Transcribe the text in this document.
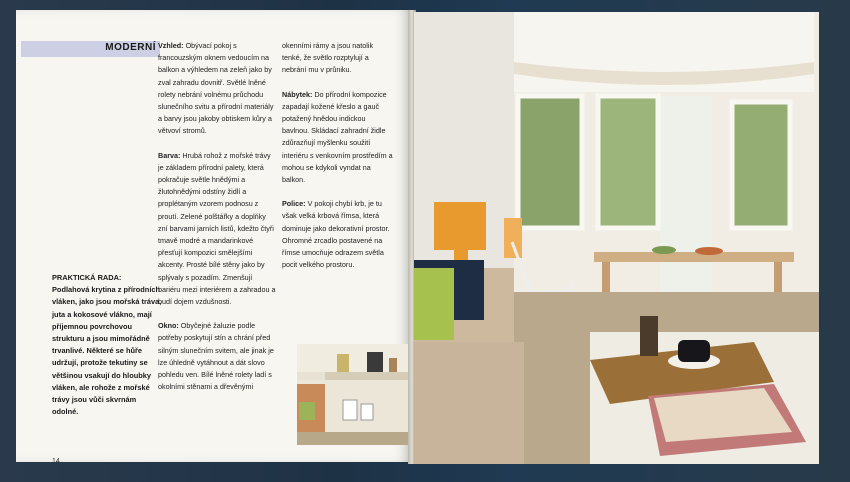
MODERNÍ
PRAKTICKÁ RADA:
Podlahová krytina z přírodních vláken, jako jsou mořská tráva, juta a kokosové vlákno, mají příjemnou povrchovou strukturu a jsou mimořádně trvanlivé. Některé se hůře udržují, protože tekutiny se většinou vsakují do hloubky vláken, ale rohože z mořské trávy jsou vůči skvrnám odolné.

Vzhled: Obývací pokoj s francouzským oknem vedoucím na balkon a výhledem na zeleň jako by zval zahradu dovnitř. Světlé lněné rolety nebrání volnému průchodu slunečního svitu a přírodní materiály a barvy jsou jakoby obtiskem kůry a větvoví stromů.

Barva: Hrubá rohož z mořské trávy je základem přírodní palety, která pokračuje světle hnědými a žlutohnědými odstíny židlí a proplétaným vzorem podnosu z proutí. Zelené polštářky a doplňky zní barvami jarních listů, kdežto čtyři tmavě modré a mandarinkové přesťují kompozici smělejšími akcenty. Prosté bílé stěny jako by splývaly s pozadím. Zmenšují bariéru mezi interiérem a zahradou a budí dojem vzdušnosti.

Okno: Obyčejné žaluzie podle potřeby poskytují stín a chrání před silným slunečním svitem, ale jinak je lze úhledně vytáhnout a dát slovo pohledu ven. Bílé lněné rolety ladí s okolními stěnami a dřevěnými

okenními rámy a jsou natolik tenké, že světlo rozptylují a nebrání mu v průniku.

Nábytek: Do přírodní kompozice zapadají kožené křeslo a gauč potažený hnědou indickou bavlnou. Skládací zahradní židle zdůrazňují myšlenku soužití interiéru s venkovním prostředím a mohou se kdykoli vyndat na balkon.

Police: V pokoji chybí krb, je tu však velká krbová římsa, která dominuje jako dekorativní prostor. Ohromné zrcadlo postavené na římse umocňuje odrazem světla pocit velkého prostoru.

14
